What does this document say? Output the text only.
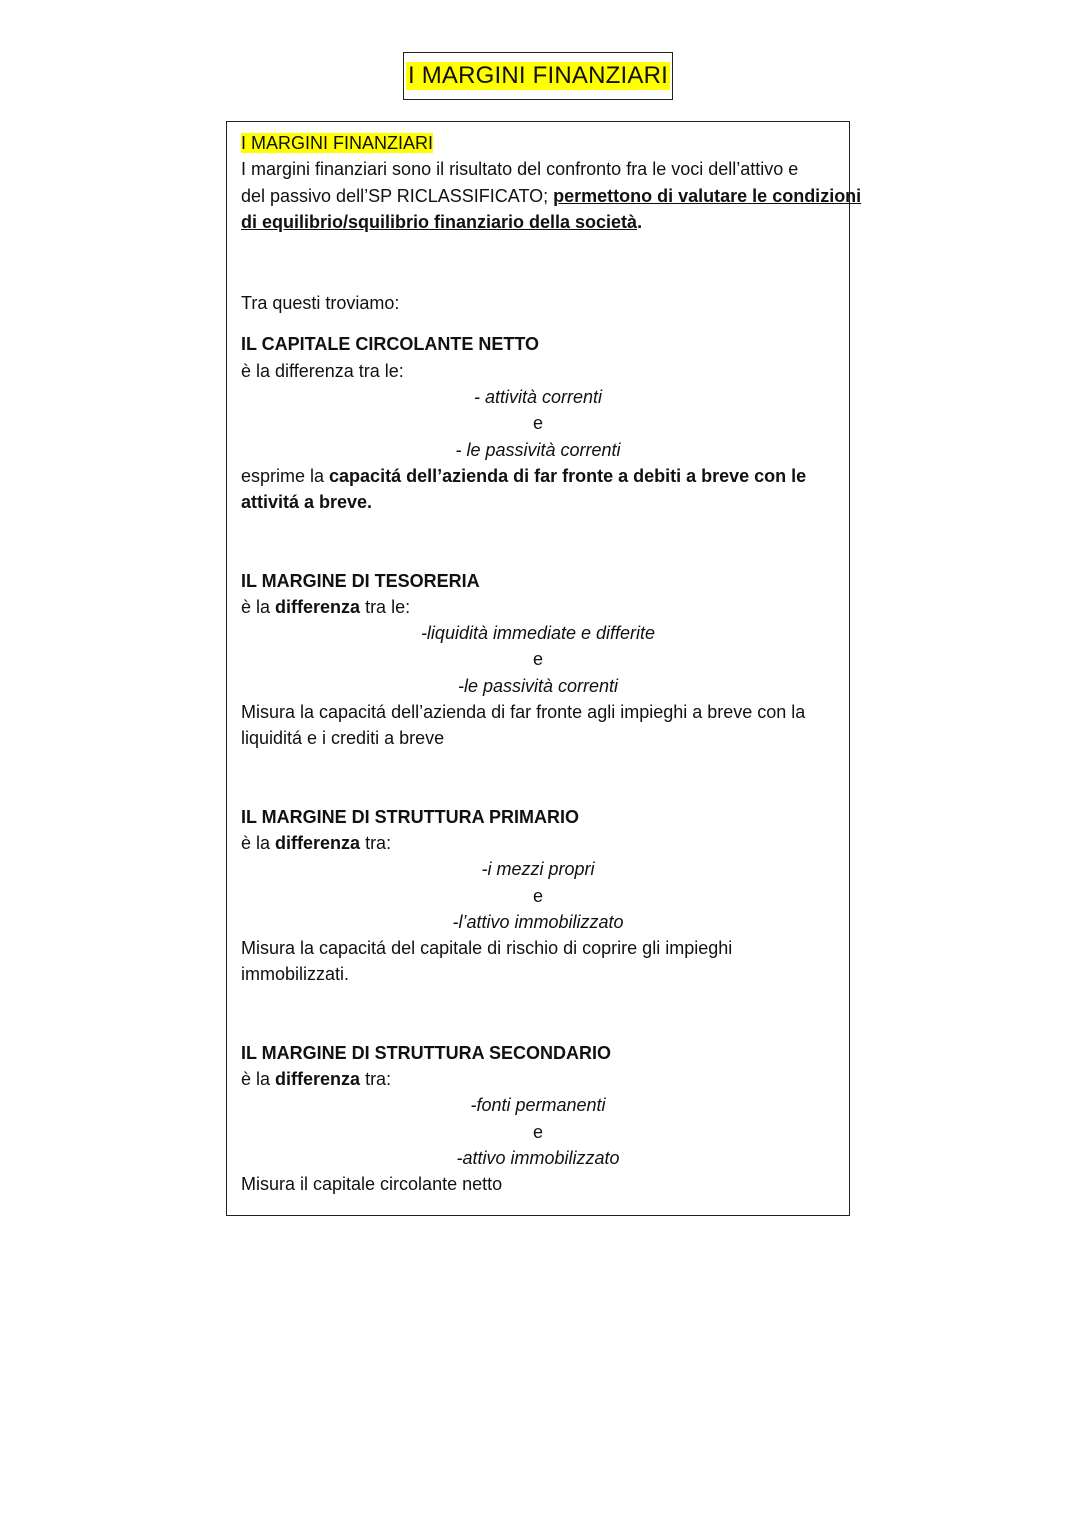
I MARGINI FINANZIARI
I MARGINI FINANZIARI
I margini finanziari sono il risultato del confronto fra le voci dell’attivo e
del passivo dell’SP RICLASSIFICATO; permettono di valutare le condizioni
di equilibrio/squilibrio finanziario della società.
Tra questi troviamo:
IL CAPITALE CIRCOLANTE NETTO
è la differenza tra le:
- attività correnti
e
- le passività correnti
esprime la capacitá dell’azienda di far fronte a debiti a breve con le
attivitá a breve.
IL MARGINE DI TESORERIA
è la differenza tra le:
-liquidità immediate e differite
e
-le passività correnti
Misura la capacitá dell’azienda di far fronte agli impieghi a breve con la
liquiditá e i crediti a breve
IL MARGINE DI STRUTTURA PRIMARIO
è la differenza tra:
-i mezzi propri
e
-l’attivo immobilizzato
Misura la capacitá del capitale di rischio di coprire gli impieghi
immobilizzati.
IL MARGINE DI STRUTTURA SECONDARIO
è la differenza tra:
-fonti permanenti
e
-attivo immobilizzato
Misura il capitale circolante netto
